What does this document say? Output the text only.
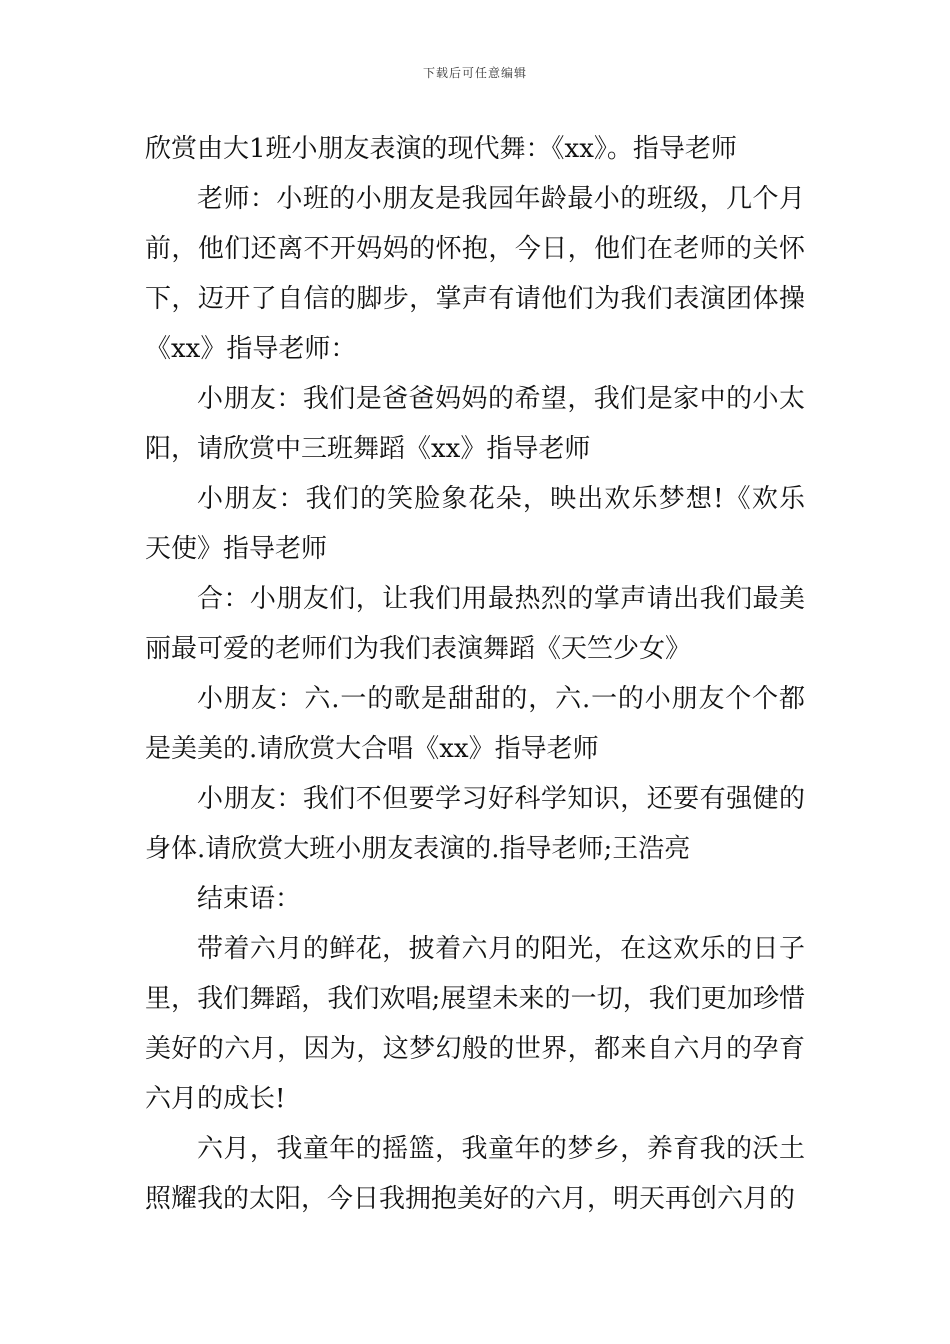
下载后可任意编辑

欣赏由大1班小朋友表演的现代舞：《xx》。指导老师

老师：小班的小朋友是我园年龄最小的班级，几个月前，他们还离不开妈妈的怀抱，今日，他们在老师的关怀下，迈开了自信的脚步，掌声有请他们为我们表演团体操《xx》指导老师：

小朋友：我们是爸爸妈妈的希望，我们是家中的小太阳，请欣赏中三班舞蹈《xx》指导老师

小朋友：我们的笑脸象花朵，映出欢乐梦想!《欢乐天使》指导老师

合：小朋友们，让我们用最热烈的掌声请出我们最美丽最可爱的老师们为我们表演舞蹈《天竺少女》

小朋友：六.一的歌是甜甜的，六.一的小朋友个个都是美美的.请欣赏大合唱《xx》指导老师

小朋友：我们不但要学习好科学知识，还要有强健的身体.请欣赏大班小朋友表演的.指导老师;王浩亮

结束语：

带着六月的鲜花，披着六月的阳光，在这欢乐的日子里，我们舞蹈，我们欢唱;展望未来的一切，我们更加珍惜美好的六月，因为，这梦幻般的世界，都来自六月的孕育六月的成长!

六月，我童年的摇篮，我童年的梦乡，养育我的沃土照耀我的太阳，今日我拥抱美好的六月，明天再创六月的
